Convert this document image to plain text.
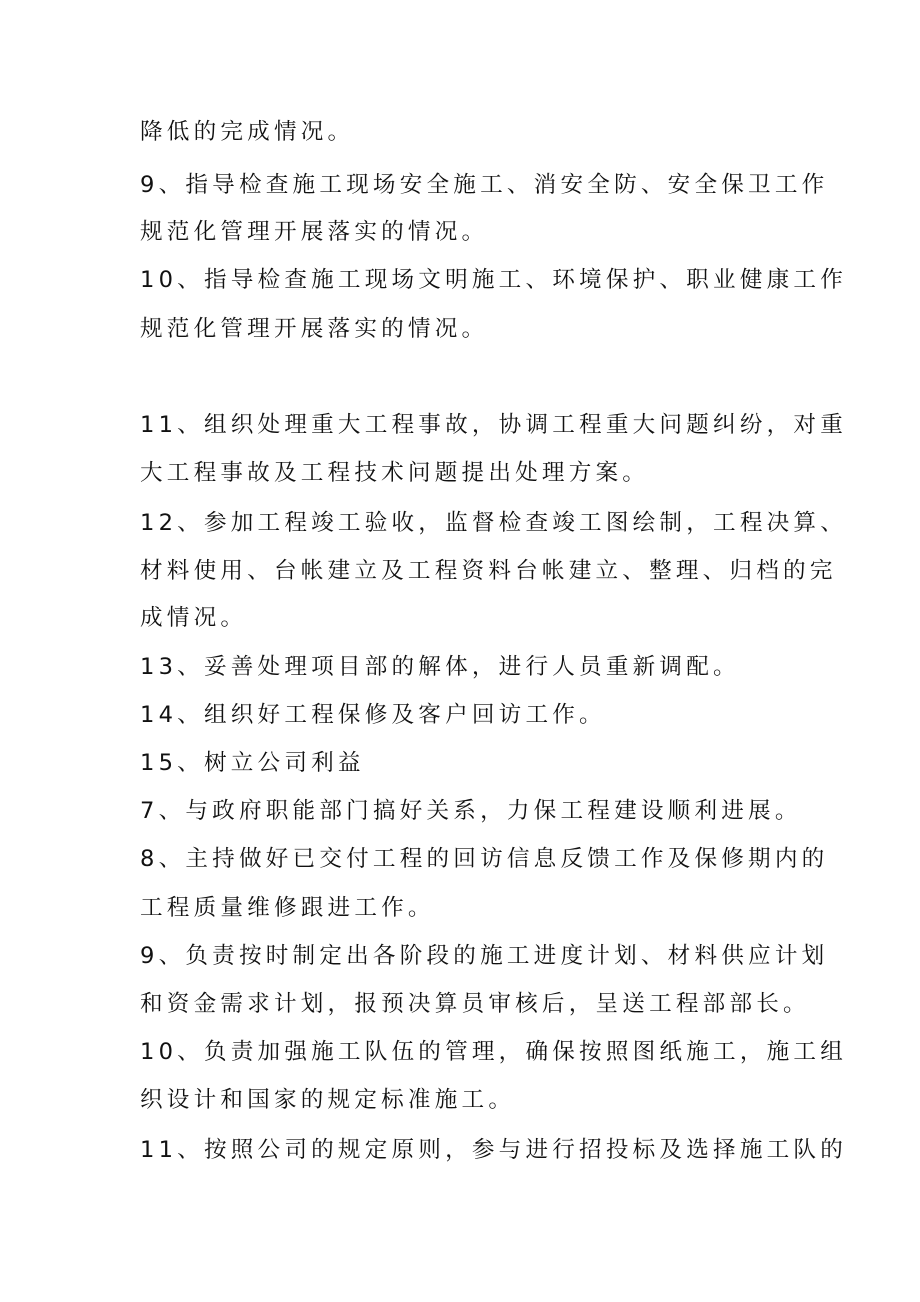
降低的完成情况。
9、指导检查施工现场安全施工、消安全防、安全保卫工作
规范化管理开展落实的情况。
10、指导检查施工现场文明施工、环境保护、职业健康工作
规范化管理开展落实的情况。
11、组织处理重大工程事故，协调工程重大问题纠纷，对重
大工程事故及工程技术问题提出处理方案。
12、参加工程竣工验收，监督检查竣工图绘制，工程决算、
材料使用、台帐建立及工程资料台帐建立、整理、归档的完
成情况。
13、妥善处理项目部的解体，进行人员重新调配。
14、组织好工程保修及客户回访工作。
15、树立公司利益
7、与政府职能部门搞好关系，力保工程建设顺利进展。
8、主持做好已交付工程的回访信息反馈工作及保修期内的
工程质量维修跟进工作。
9、负责按时制定出各阶段的施工进度计划、材料供应计划
和资金需求计划，报预决算员审核后，呈送工程部部长。
10、负责加强施工队伍的管理，确保按照图纸施工，施工组
织设计和国家的规定标准施工。
11、按照公司的规定原则，参与进行招投标及选择施工队的
